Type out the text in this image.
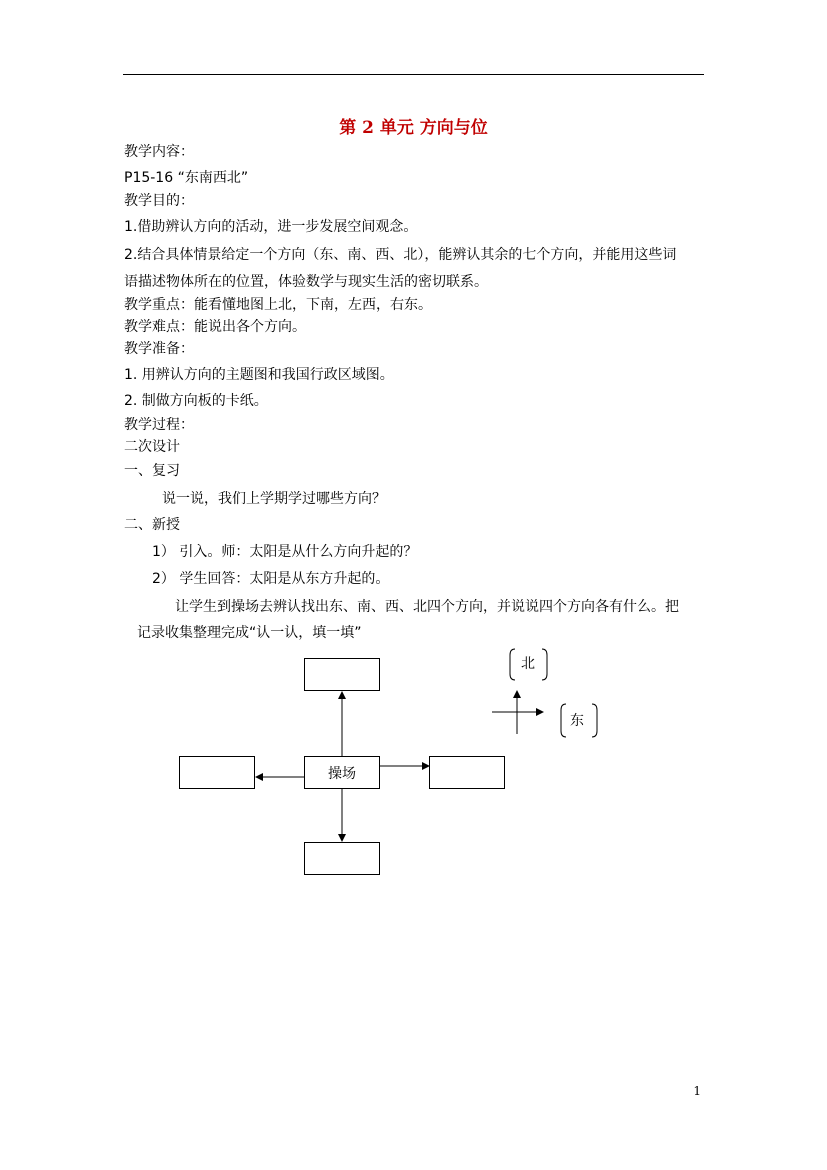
第 2 单元 方向与位
教学内容：
P15-16 “东南西北”
教学目的：
1.借助辨认方向的活动，进一步发展空间观念。
2.结合具体情景给定一个方向（东、南、西、北），能辨认其余的七个方向，并能用这些词
语描述物体所在的位置，体验数学与现实生活的密切联系。
教学重点：能看懂地图上北，下南，左西，右东。
教学难点：能说出各个方向。
教学准备：
1. 用辨认方向的主题图和我国行政区域图。
2. 制做方向板的卡纸。
教学过程：
二次设计
一、复习
说一说，我们上学期学过哪些方向？
二、新授
1） 引入。师：太阳是从什么方向升起的？
2） 学生回答：太阳是从东方升起的。
让学生到操场去辨认找出东、南、西、北四个方向，并说说四个方向各有什么。把
记录收集整理完成“认一认，填一填”
操场
北
东
1
